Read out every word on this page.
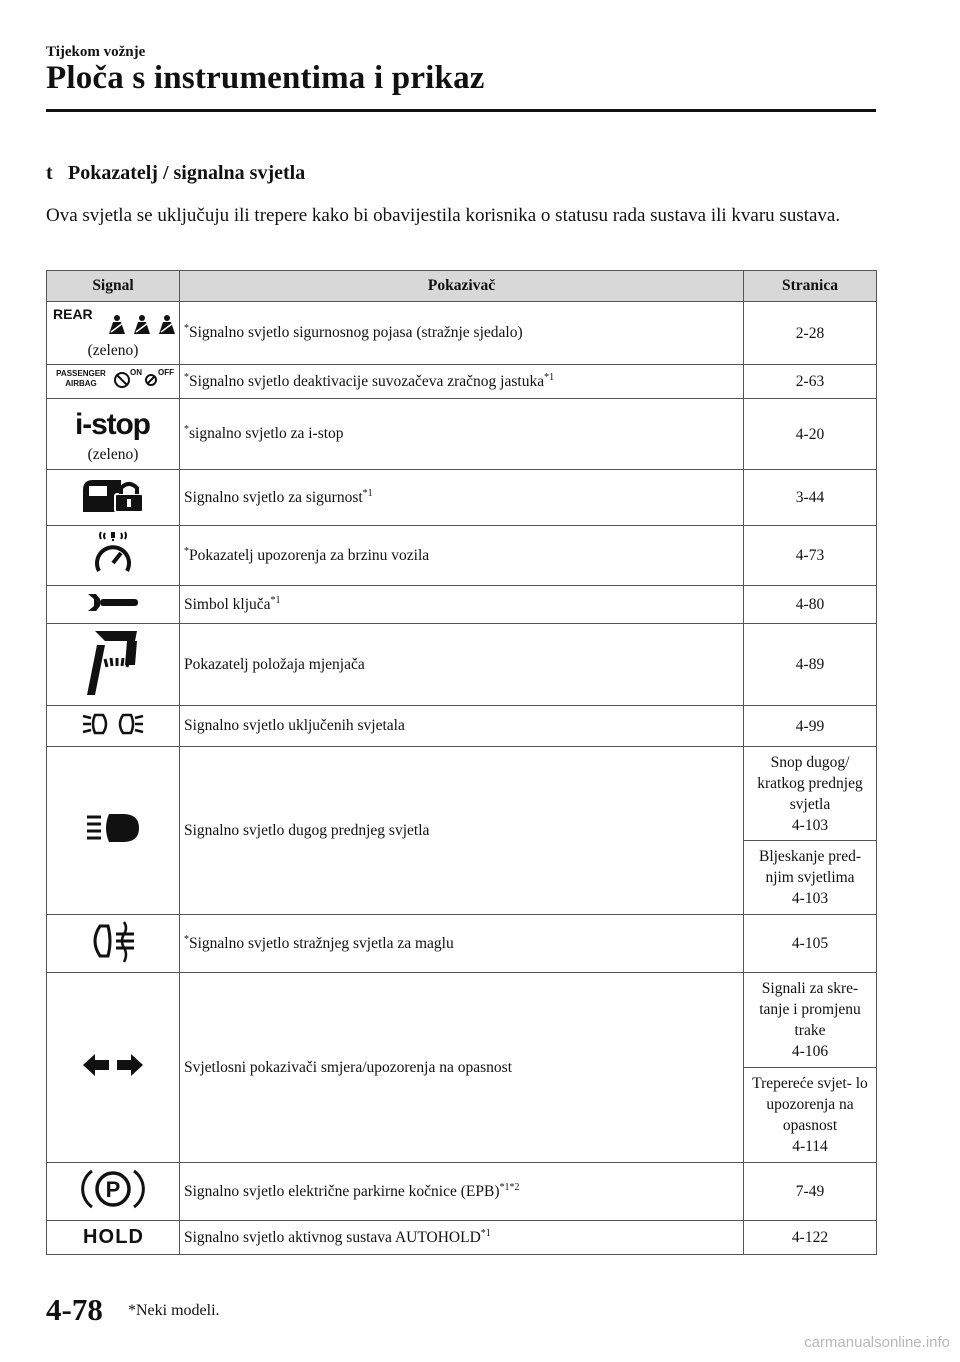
Tijekom vožnje
Ploča s instrumentima i prikaz
t Pokazatelj / signalna svjetla
Ova svjetla se uključuju ili trepere kako bi obavijestila korisnika o statusu rada sustava ili kvaru sustava.
Signal	Pokazivač	Stranica

REAR
(zeleno)	*Signalno svjetlo sigurnosnog pojasa (stražnje sjedalo)	2-28

PASSENGER
AIRBAG
ON OFF	*Signalno svjetlo deaktivacije suvozačeva zračnog jastuka$^{*1}$	2-63

i-stop
(zeleno)	*signalno svjetlo za i-stop	4-20

	Signalno svjetlo za sigurnost$^{*1}$	3-44

	*Pokazatelj upozorenja za brzinu vozila	4-73

	Simbol ključa$^{*1}$	4-80

	Pokazatelj položaja mjenjača	4-89

	Signalno svjetlo uključenih svjetala	4-99

	Signalno svjetlo dugog prednjeg svjetla	Snop dugog/ kratkog prednjeg svjetla
4-103
		Bljeskanje pred- njim svjetlima
4-103

	*Signalno svjetlo stražnjeg svjetla za maglu	4-105

	Svjetlosni pokazivači smjera/upozorenja na opasnost	Signali za skre- tanje i promjenu trake
4-106
		Trepereće svjet- lo upozorenja na opasnost
4-114

P	Signalno svjetlo električne parkirne kočnice (EPB)$^{*1*2}$	7-49

HOLD	Signalno svjetlo aktivnog sustava AUTOHOLD$^{*1}$	4-122
4-78 *Neki modeli.
carmanualsonline.info
